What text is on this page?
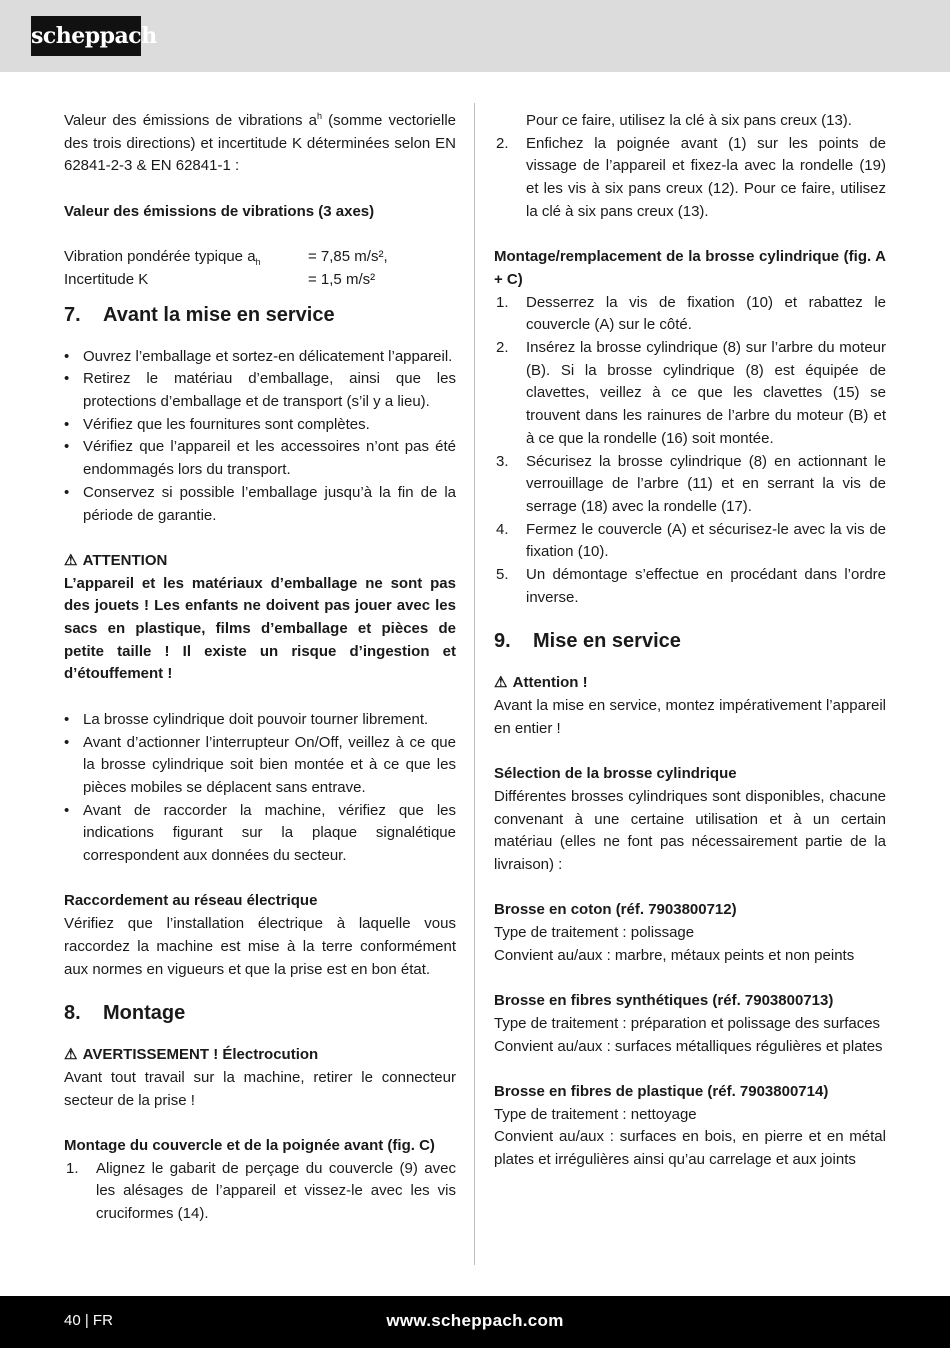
scheppach

Valeur des émissions de vibrations $a^h$ (somme vectorielle des trois directions) et incertitude K déterminées selon EN 62841-2-3 & EN 62841-1 :

Valeur des émissions de vibrations (3 axes)

Vibration pondérée typique $a_h$	= 7,85 m/s²,
Incertitude K	= 1,5 m/s²
7. Avant la mise en service
• Ouvrez l’emballage et sortez-en délicatement l’appareil.
• Retirez le matériau d’emballage, ainsi que les protections d’emballage et de transport (s’il y a lieu).
• Vérifiez que les fournitures sont complètes.
• Vérifiez que l’appareil et les accessoires n’ont pas été endommagés lors du transport.
• Conservez si possible l’emballage jusqu’à la fin de la période de garantie.

⚠ ATTENTION

L’appareil et les matériaux d’emballage ne sont pas des jouets ! Les enfants ne doivent pas jouer avec les sacs en plastique, films d’emballage et pièces de petite taille ! Il existe un risque d’ingestion et d’étouffement !

• La brosse cylindrique doit pouvoir tourner librement.
• Avant d’actionner l’interrupteur On/Off, veillez à ce que la brosse cylindrique soit bien montée et à ce que les pièces mobiles se déplacent sans entrave.
• Avant de raccorder la machine, vérifiez que les indications figurant sur la plaque signalétique correspondent aux données du secteur.

Raccordement au réseau électrique

Vérifiez que l’installation électrique à laquelle vous raccordez la machine est mise à la terre conformément aux normes en vigueurs et que la prise est en bon état.

8. Montage

⚠ AVERTISSEMENT ! Électrocution

Avant tout travail sur la machine, retirer le connecteur secteur de la prise !

Montage du couvercle et de la poignée avant (fig. C)

1. Alignez le gabarit de perçage du couvercle (9) avec les alésages de l’appareil et vissez-le avec les vis cruciformes (14).
Pour ce faire, utilisez la clé à six pans creux (13).
2. Enfichez la poignée avant (1) sur les points de vissage de l’appareil et fixez-la avec la rondelle (19) et les vis à six pans creux (12). Pour ce faire, utilisez la clé à six pans creux (13).

Montage/remplacement de la brosse cylindrique (fig. A + C)

1. Desserrez la vis de fixation (10) et rabattez le couvercle (A) sur le côté.
2. Insérez la brosse cylindrique (8) sur l’arbre du moteur (B). Si la brosse cylindrique (8) est équipée de clavettes, veillez à ce que les clavettes (15) se trouvent dans les rainures de l’arbre du moteur (B) et à ce que la rondelle (16) soit montée.
3. Sécurisez la brosse cylindrique (8) en actionnant le verrouillage de l’arbre (11) et en serrant la vis de serrage (18) avec la rondelle (17).
4. Fermez le couvercle (A) et sécurisez-le avec la vis de fixation (10).
5. Un démontage s’effectue en procédant dans l’ordre inverse.
9. Mise en service

⚠ Attention !

Avant la mise en service, montez impérativement l’appareil en entier !

Sélection de la brosse cylindrique

Différentes brosses cylindriques sont disponibles, chacune convenant à une certaine utilisation et à un certain matériau (elles ne font pas nécessairement partie de la livraison) :

Brosse en coton (réf. 7903800712)

Type de traitement : polissage

Convient au/aux : marbre, métaux peints et non peints

Brosse en fibres synthétiques (réf. 7903800713)

Type de traitement : préparation et polissage des surfaces

Convient au/aux : surfaces métalliques régulières et plates

Brosse en fibres de plastique (réf. 7903800714)

Type de traitement : nettoyage

Convient au/aux : surfaces en bois, en pierre et en métal plates et irrégulières ainsi qu’au carrelage et aux joints

40 | FR	www.scheppach.com
